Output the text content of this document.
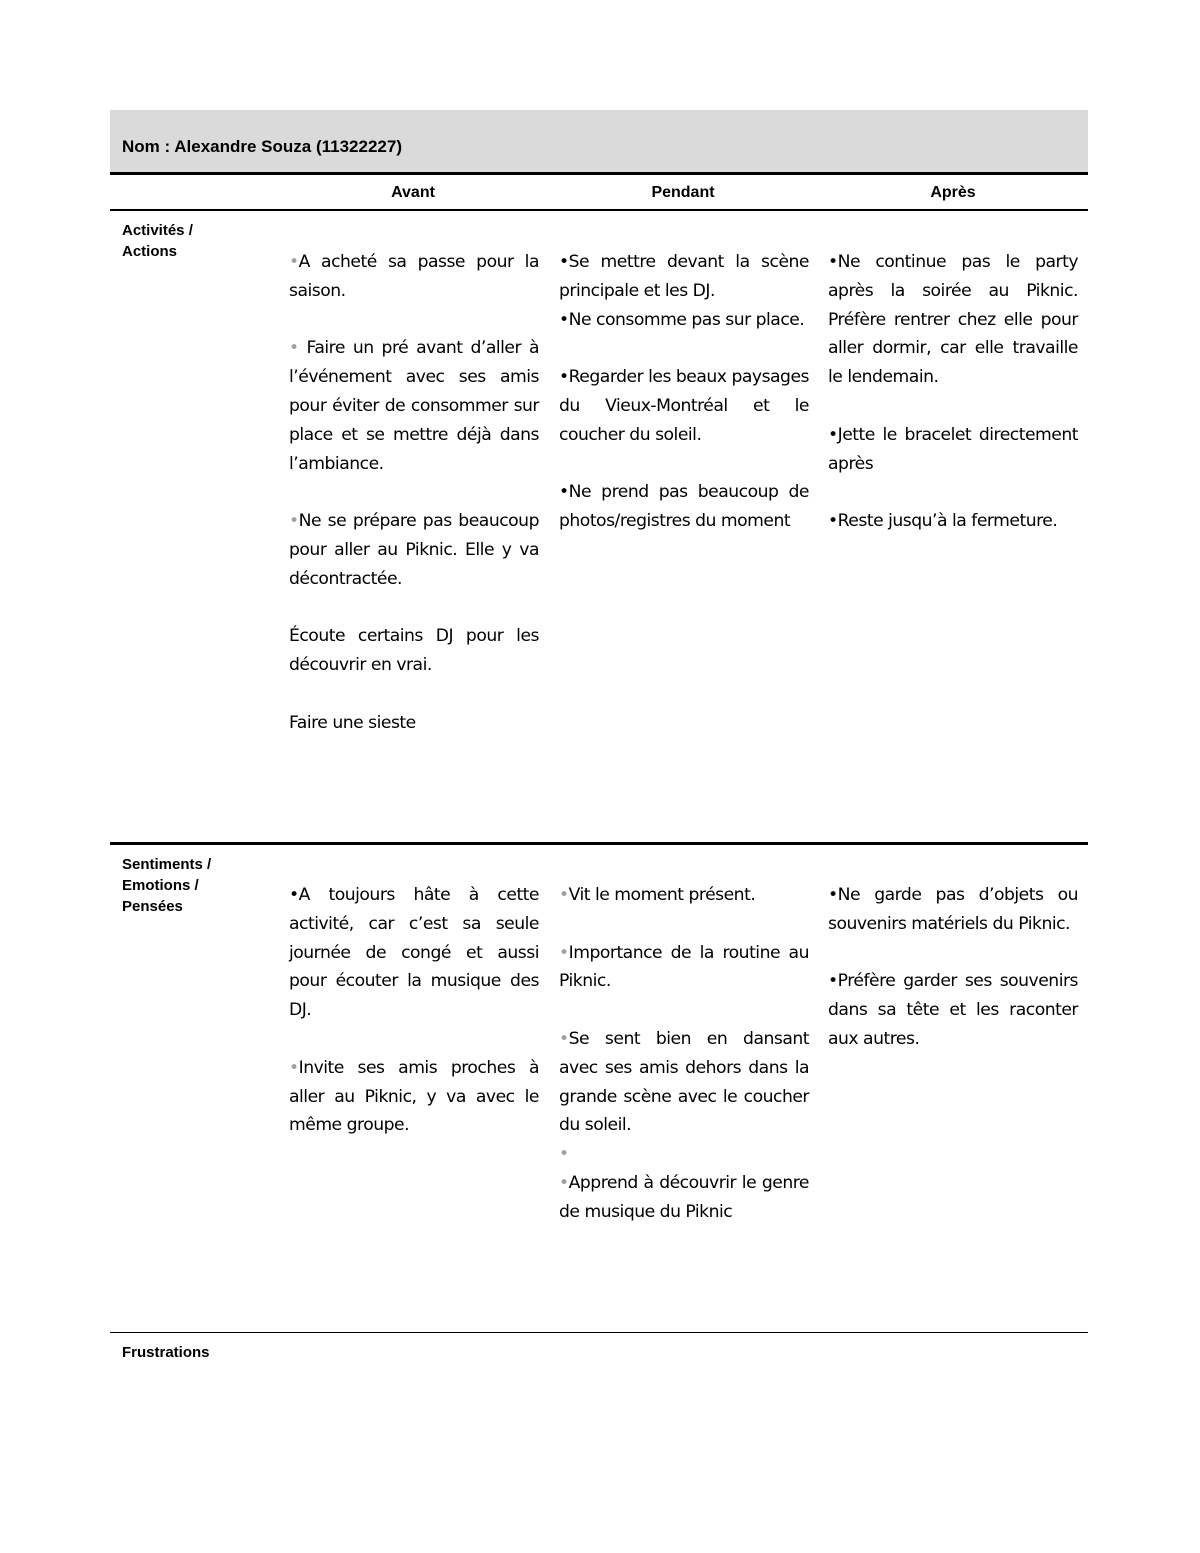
Nom : Alexandre Souza (11322227)
Avant	Pendant	Après
Activités /
Actions

•A acheté sa passe pour la saison.

• Faire un pré avant d’aller à l’événement avec ses amis pour éviter de consommer sur place et se mettre déjà dans l’ambiance.

•Ne se prépare pas beaucoup pour aller au Piknic. Elle y va décontractée.

Écoute certains DJ pour les découvrir en vrai.

Faire une sieste

•Se mettre devant la scène principale et les DJ.

•Ne consomme pas sur place.

•Regarder les beaux paysages du Vieux-Montréal et le coucher du soleil.

•Ne prend pas beaucoup de photos/registres du moment

•Ne continue pas le party après la soirée au Piknic. Préfère rentrer chez elle pour aller dormir, car elle travaille le lendemain.

•Jette le bracelet directement après

•Reste jusqu’à la fermeture.

Sentiments /
Emotions /
Pensées

•A toujours hâte à cette activité, car c’est sa seule journée de congé et aussi pour écouter la musique des DJ.

•Invite ses amis proches à aller au Piknic, y va avec le même groupe.

•Vit le moment présent.

•Importance de la routine au Piknic.

•Se sent bien en dansant avec ses amis dehors dans la grande scène avec le coucher du soleil.

•

•Apprend à découvrir le genre de musique du Piknic

•Ne garde pas d’objets ou souvenirs matériels du Piknic.

•Préfère garder ses souvenirs dans sa tête et les raconter aux autres.

Frustrations
